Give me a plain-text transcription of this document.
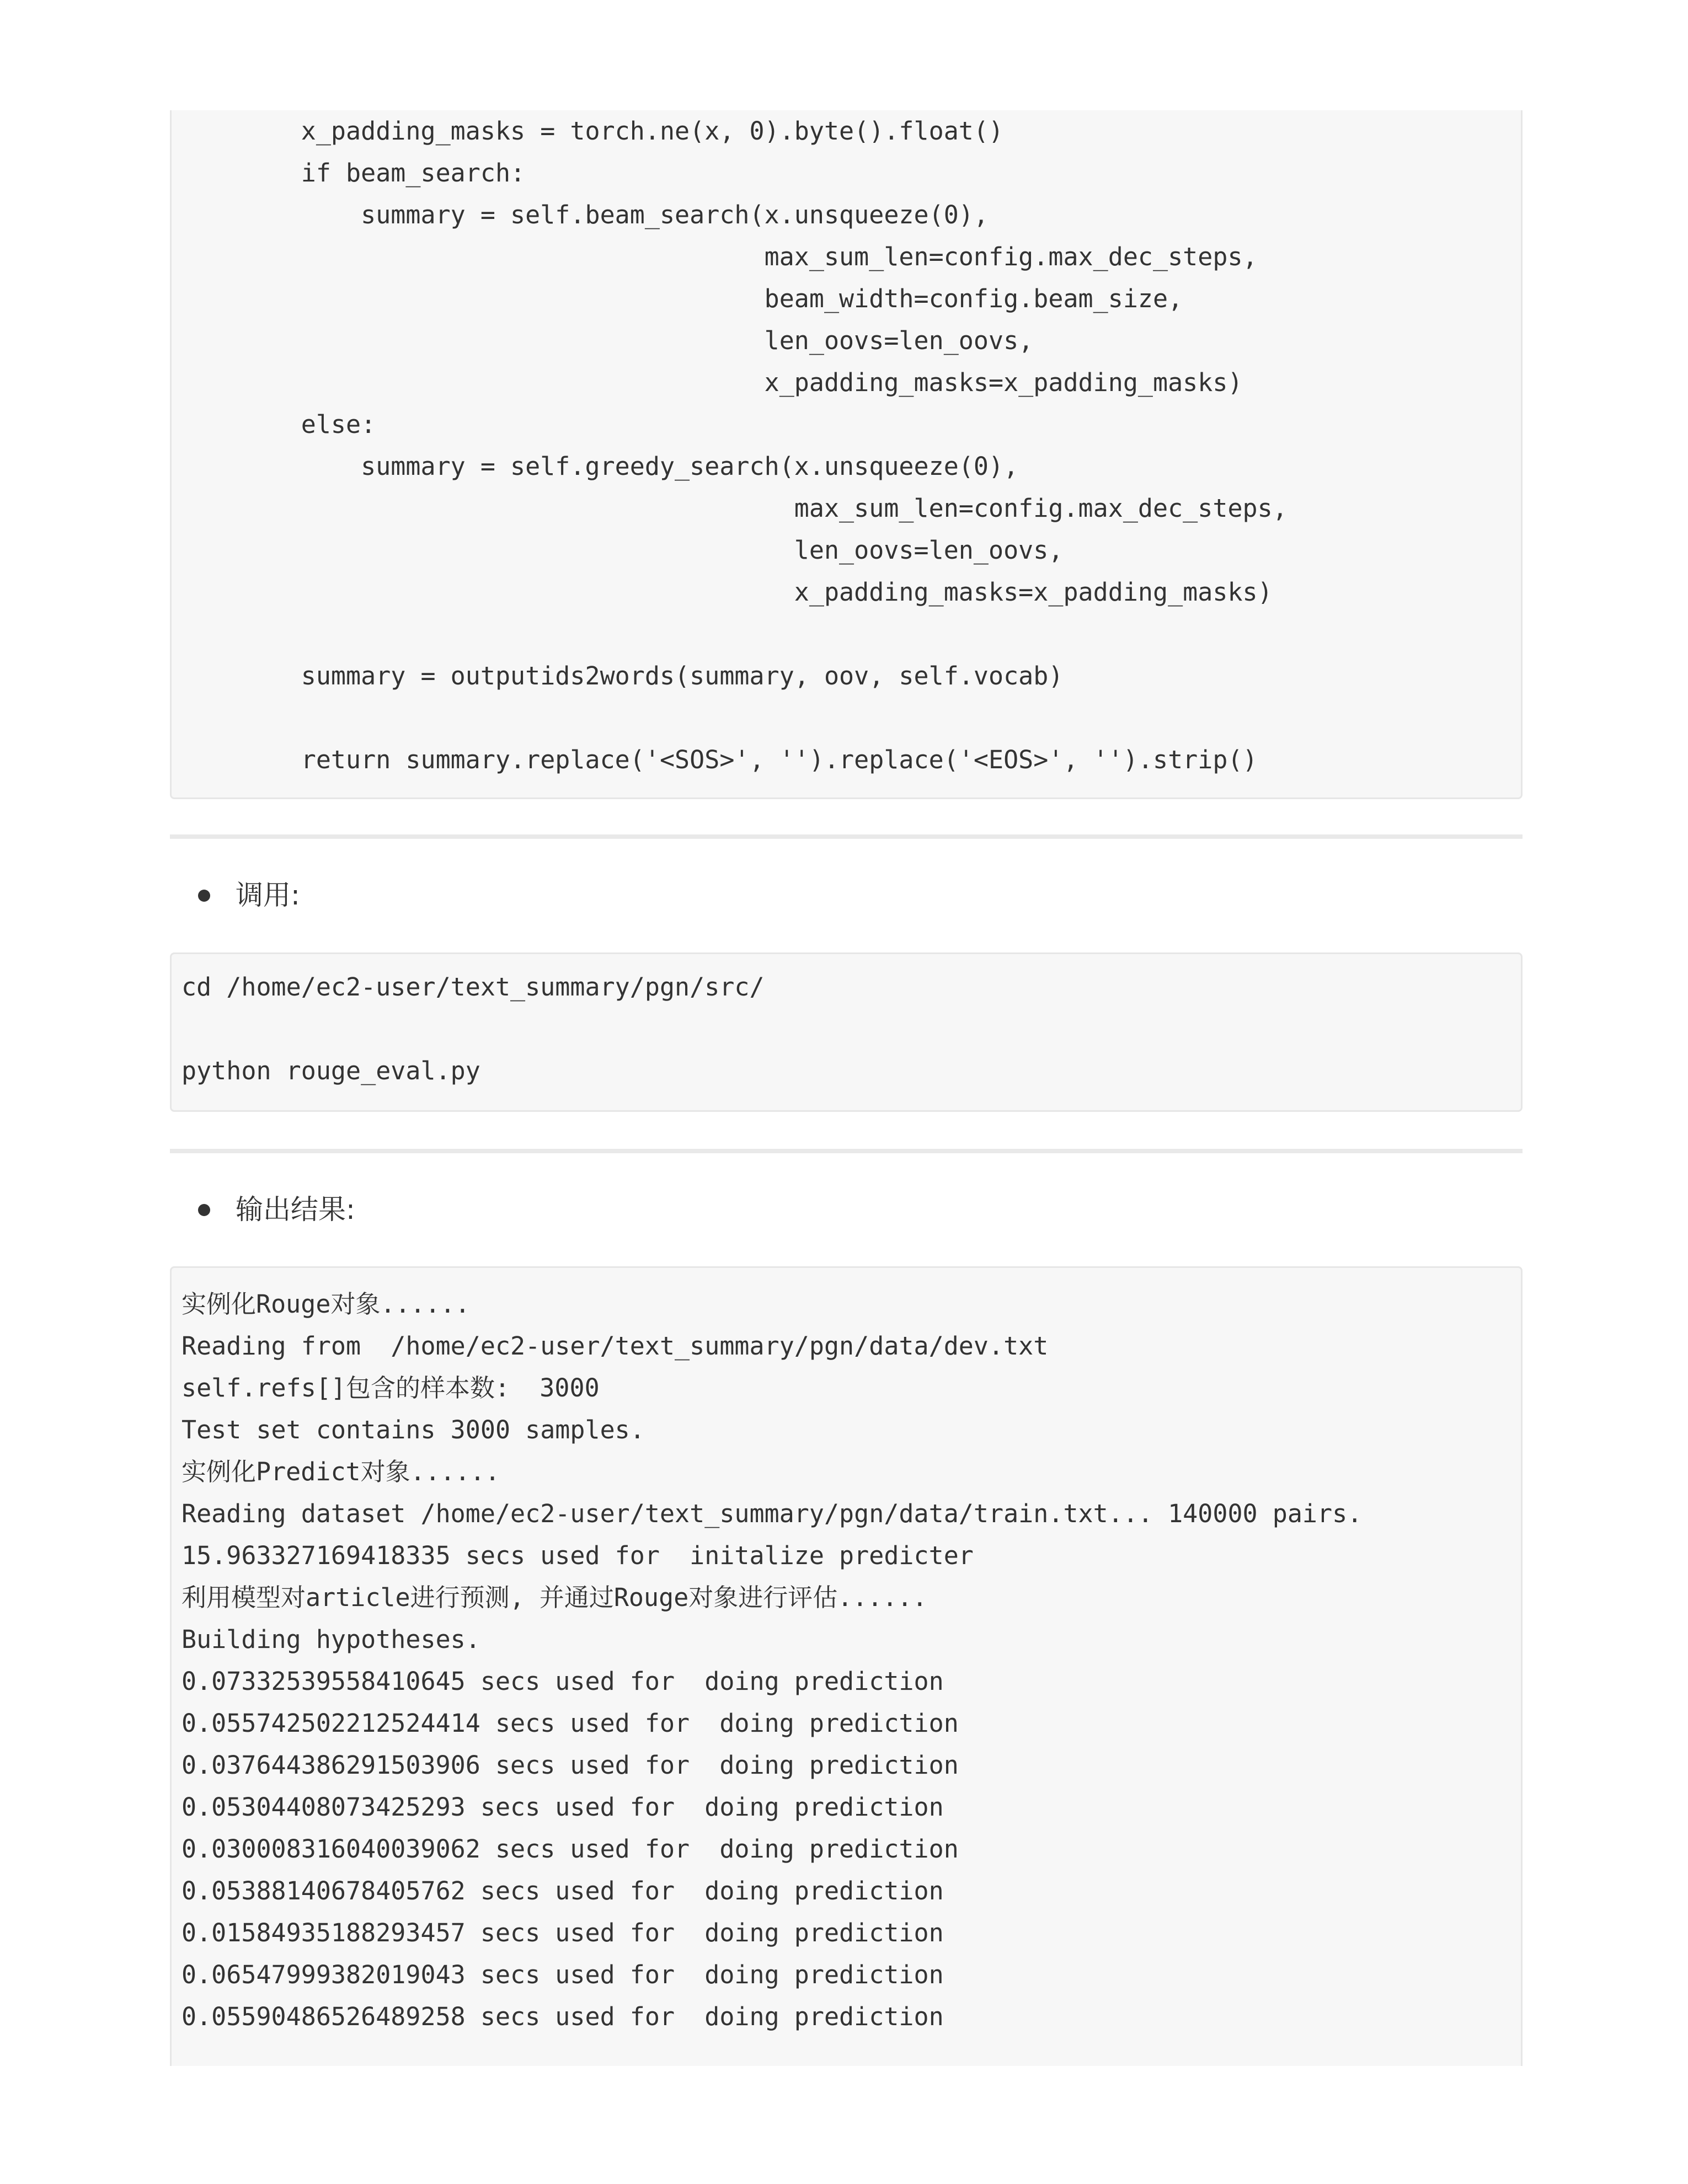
x_padding_masks = torch.ne(x, 0).byte().float()
if beam_search:
summary = self.beam_search(x.unsqueeze(0),
max_sum_len=config.max_dec_steps,
beam_width=config.beam_size,
len_oovs=len_oovs,
x_padding_masks=x_padding_masks)
else:
summary = self.greedy_search(x.unsqueeze(0),
max_sum_len=config.max_dec_steps,
len_oovs=len_oovs,
x_padding_masks=x_padding_masks)
summary = outputids2words(summary, oov, self.vocab)
return summary.replace('<SOS>', '').replace('<EOS>', '').strip()
调用:
cd /home/ec2-user/text_summary/pgn/src/
python rouge_eval.py
输出结果:
实例化Rouge对象......
Reading from  /home/ec2-user/text_summary/pgn/data/dev.txt
self.refs[]包含的样本数:  3000
Test set contains 3000 samples.
实例化Predict对象......
Reading dataset /home/ec2-user/text_summary/pgn/data/train.txt... 140000 pairs.
15.963327169418335 secs used for  initalize predicter
利用模型对article进行预测, 并通过Rouge对象进行评估......
Building hypotheses.
0.07332539558410645 secs used for  doing prediction
0.055742502212524414 secs used for  doing prediction
0.037644386291503906 secs used for  doing prediction
0.05304408073425293 secs used for  doing prediction
0.030008316040039062 secs used for  doing prediction
0.05388140678405762 secs used for  doing prediction
0.01584935188293457 secs used for  doing prediction
0.06547999382019043 secs used for  doing prediction
0.05590486526489258 secs used for  doing prediction
